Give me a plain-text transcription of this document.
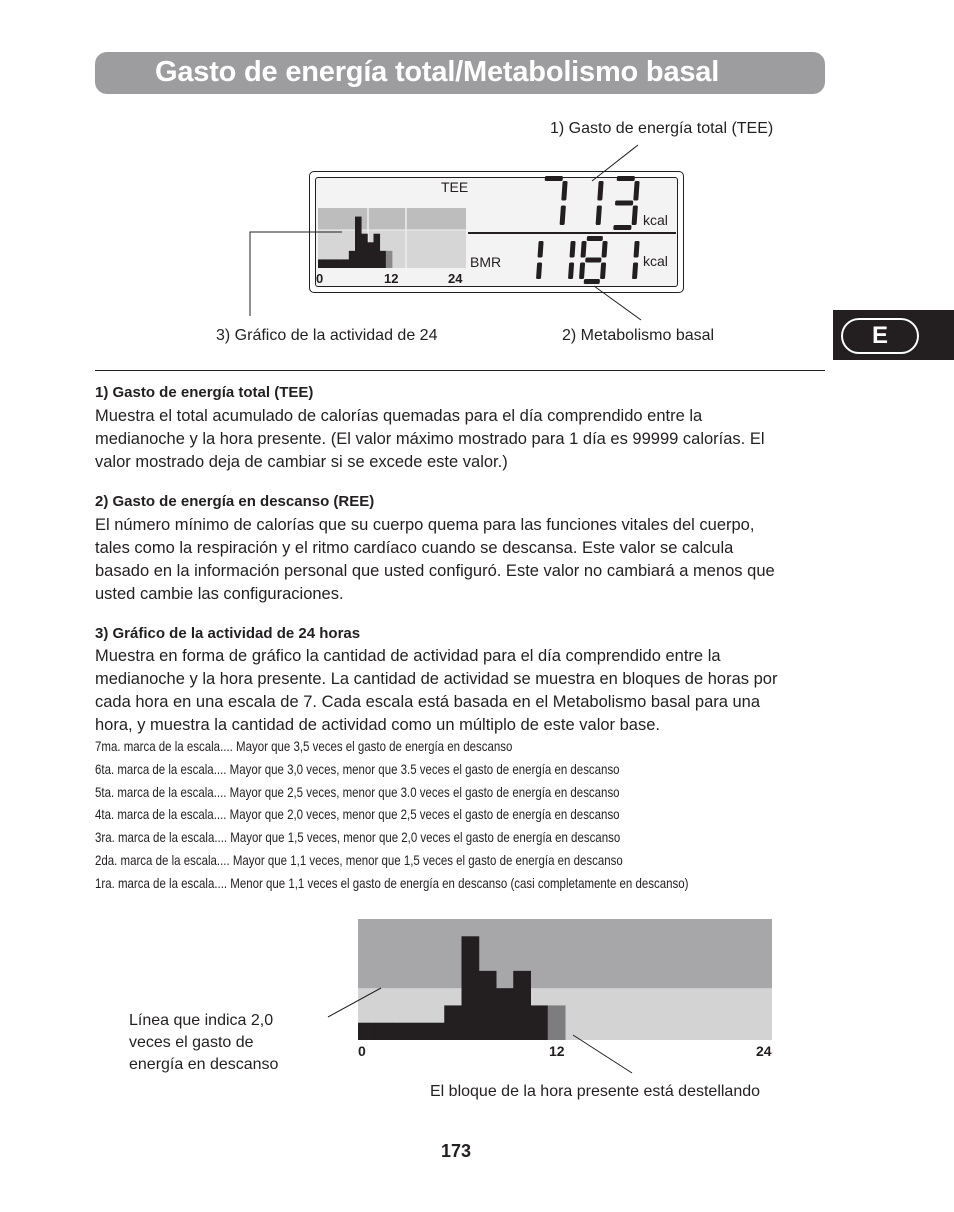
Gasto de energía total/Metabolismo basal
E
1) Gasto de energía total (TEE)
3) Gráfico de la actividad de 24	2) Metabolismo basal
0	12	24
TEE
BMR
kcal
kcal
1) Gasto de energía total (TEE)
Muestra el total acumulado de calorías quemadas para el día comprendido entre la
medianoche y la hora presente. (El valor máximo mostrado para 1 día es 99999 calorías. El
valor mostrado deja de cambiar si se excede este valor.)
2) Gasto de energía en descanso (REE)
El número mínimo de calorías que su cuerpo quema para las funciones vitales del cuerpo,
tales como la respiración y el ritmo cardíaco cuando se descansa. Este valor se calcula
basado en la información personal que usted configuró. Este valor no cambiará a menos que
usted cambie las configuraciones.
3) Gráfico de la actividad de 24 horas
Muestra en forma de gráfico la cantidad de actividad para el día comprendido entre la
medianoche y la hora presente. La cantidad de actividad se muestra en bloques de horas por
cada hora en una escala de 7. Cada escala está basada en el Metabolismo basal para una
hora, y muestra la cantidad de actividad como un múltiplo de este valor base.
7ma. marca de la escala.... Mayor que 3,5 veces el gasto de energía en descanso
6ta. marca de la escala.... Mayor que 3,0 veces, menor que 3.5 veces el gasto de energía en descanso
5ta. marca de la escala.... Mayor que 2,5 veces, menor que 3.0 veces el gasto de energía en descanso
4ta. marca de la escala.... Mayor que 2,0 veces, menor que 2,5 veces el gasto de energía en descanso
3ra. marca de la escala.... Mayor que 1,5 veces, menor que 2,0 veces el gasto de energía en descanso
2da. marca de la escala.... Mayor que 1,1 veces, menor que 1,5 veces el gasto de energía en descanso
1ra. marca de la escala.... Menor que 1,1 veces el gasto de energía en descanso (casi completamente en descanso)
0	12	24
Línea que indica 2,0
veces el gasto de
energía en descanso
El bloque de la hora presente está destellando
173
